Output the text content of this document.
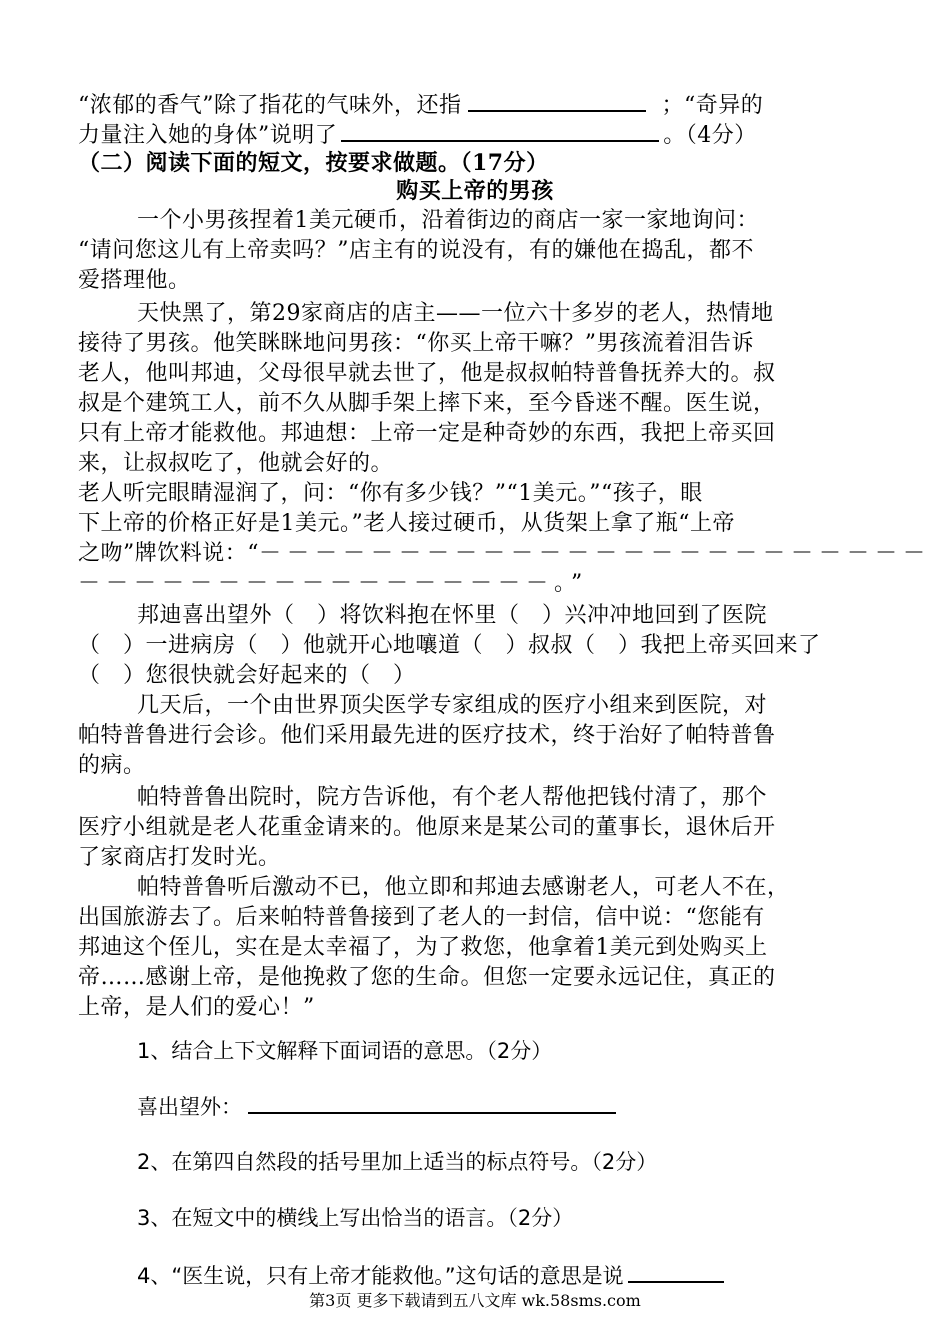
“浓郁的香气”除了指花的气味外，还指	；“奇异的
力量注入她的身体”说明了	。（4分）
（二）阅读下面的短文，按要求做题。（17分）
购买上帝的男孩
一个小男孩捏着1美元硬币，沿着街边的商店一家一家地询问：
“请问您这儿有上帝卖吗？”店主有的说没有，有的嫌他在捣乱，都不
爱搭理他。
天快黑了，第29家商店的店主——一位六十多岁的老人，热情地
接待了男孩。他笑眯眯地问男孩：“你买上帝干嘛？”男孩流着泪告诉
老人，他叫邦迪，父母很早就去世了，他是叔叔帕特普鲁抚养大的。叔
叔是个建筑工人，前不久从脚手架上摔下来，至今昏迷不醒。医生说，
只有上帝才能救他。邦迪想：上帝一定是种奇妙的东西，我把上帝买回
来，让叔叔吃了，他就会好的。
老人听完眼睛湿润了，问：“你有多少钱？”“1美元。”“孩子，眼
下上帝的价格正好是1美元。”老人接过硬币，从货架上拿了瓶“上帝
之吻”牌饮料说：“－－－－－－－－－－－－－－－－－－－－－－－－
－－－－－－－－－－－－－－－－－。”
邦迪喜出望外（　）将饮料抱在怀里（　）兴冲冲地回到了医院
（　）一进病房（　）他就开心地嚷道（　）叔叔（　）我把上帝买回来了
（　）您很快就会好起来的（　）
几天后，一个由世界顶尖医学专家组成的医疗小组来到医院，对
帕特普鲁进行会诊。他们采用最先进的医疗技术，终于治好了帕特普鲁
的病。
帕特普鲁出院时，院方告诉他，有个老人帮他把钱付清了，那个
医疗小组就是老人花重金请来的。他原来是某公司的董事长，退休后开
了家商店打发时光。
帕特普鲁听后激动不已，他立即和邦迪去感谢老人，可老人不在，
出国旅游去了。后来帕特普鲁接到了老人的一封信，信中说：“您能有
邦迪这个侄儿，实在是太幸福了，为了救您，他拿着1美元到处购买上
帝……感谢上帝，是他挽救了您的生命。但您一定要永远记住，真正的
上帝，是人们的爱心！”
1、结合上下文解释下面词语的意思。（2分）
喜出望外：
2、在第四自然段的括号里加上适当的标点符号。（2分）
3、在短文中的横线上写出恰当的语言。（2分）
4、“医生说，只有上帝才能救他。”这句话的意思是说
第3页 更多下载请到五八文库 wk.58sms.com
